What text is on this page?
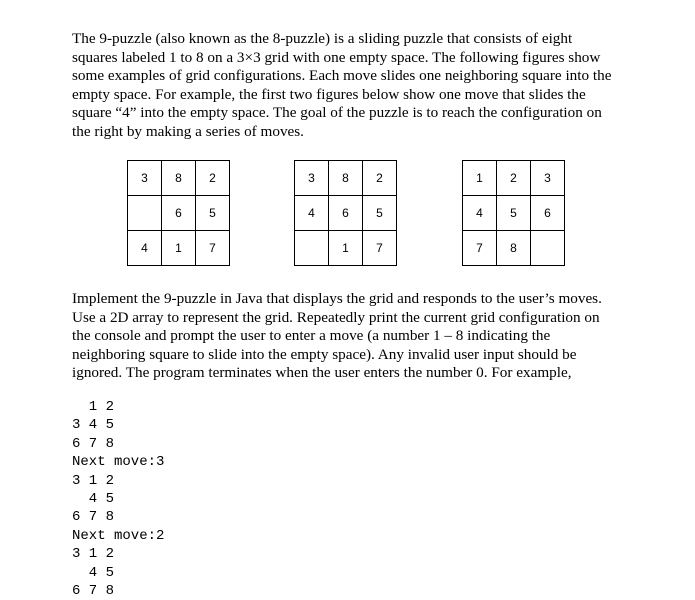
The 9-puzzle (also known as the 8-puzzle) is a sliding puzzle that consists of eight
squares labeled 1 to 8 on a 3×3 grid with one empty space. The following figures show
some examples of grid configurations. Each move slides one neighboring square into the
empty space. For example, the first two figures below show one move that slides the
square “4” into the empty space. The goal of the puzzle is to reach the configuration on
the right by making a series of moves.
3	8	2
	6	5
4	1	7
3	8	2
4	6	5
	1	7
1	2	3
4	5	6
7	8	
Implement the 9-puzzle in Java that displays the grid and responds to the user’s moves.
Use a 2D array to represent the grid. Repeatedly print the current grid configuration on
the console and prompt the user to enter a move (a number 1 – 8 indicating the
neighboring square to slide into the empty space). Any invalid user input should be
ignored. The program terminates when the user enters the number 0. For example,
1 2
3 4 5
6 7 8
Next move:3
3 1 2
4 5
6 7 8
Next move:2
3 1 2
4 5
6 7 8
